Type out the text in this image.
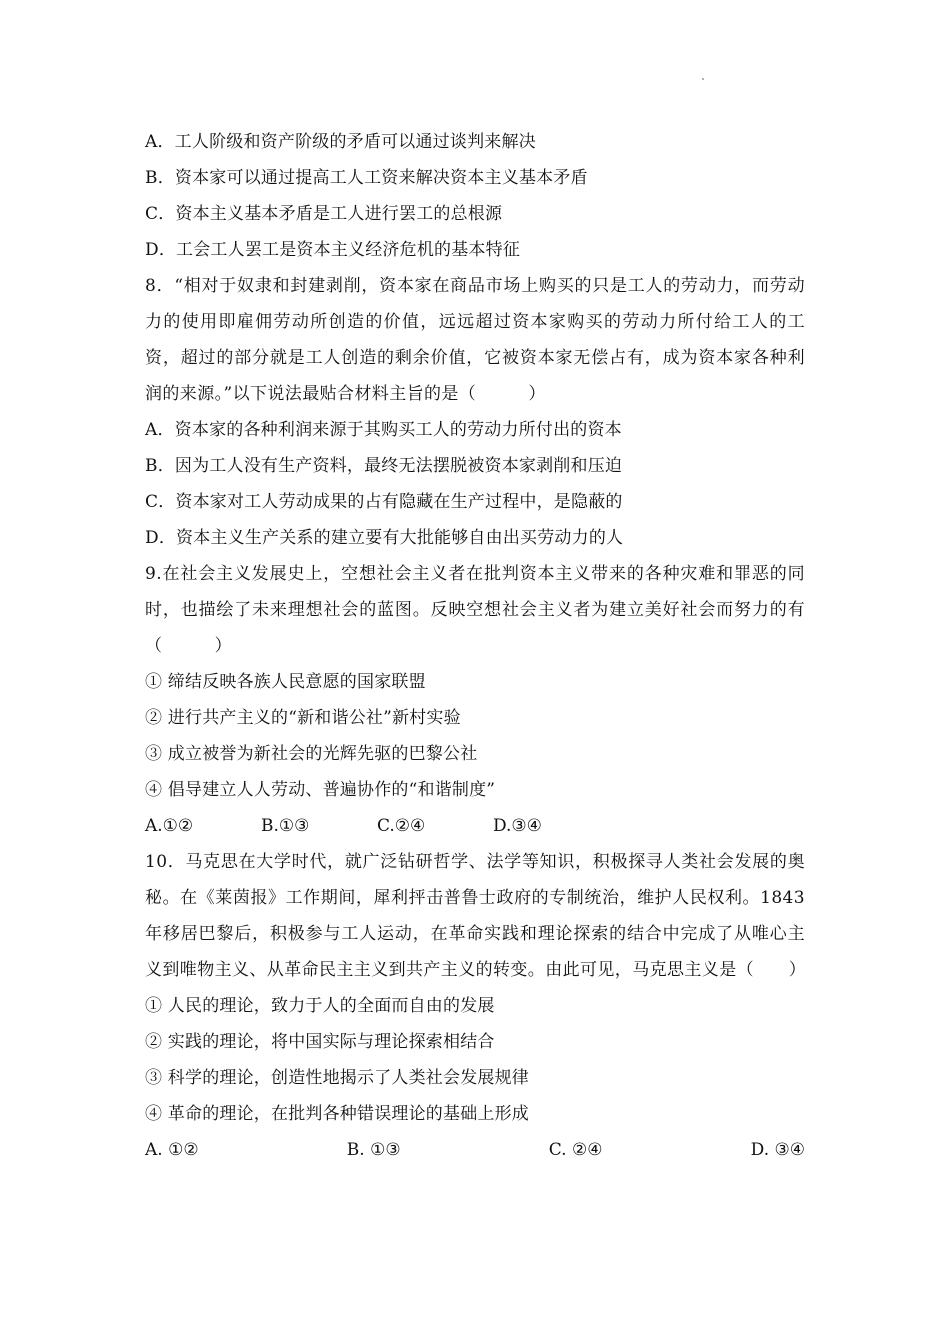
A．工人阶级和资产阶级的矛盾可以通过谈判来解决
B．资本家可以通过提高工人工资来解决资本主义基本矛盾
C．资本主义基本矛盾是工人进行罢工的总根源
D．工会工人罢工是资本主义经济危机的基本特征
8．“相对于奴隶和封建剥削，资本家在商品市场上购买的只是工人的劳动力，而劳动力的使用即雇佣劳动所创造的价值，远远超过资本家购买的劳动力所付给工人的工资，超过的部分就是工人创造的剩余价值，它被资本家无偿占有，成为资本家各种利润的来源。”以下说法最贴合材料主旨的是（　　　）
A．资本家的各种利润来源于其购买工人的劳动力所付出的资本
B．因为工人没有生产资料，最终无法摆脱被资本家剥削和压迫
C．资本家对工人劳动成果的占有隐藏在生产过程中，是隐蔽的
D．资本主义生产关系的建立要有大批能够自由出买劳动力的人
9.在社会主义发展史上，空想社会主义者在批判资本主义带来的各种灾难和罪恶的同时，也描绘了未来理想社会的蓝图。反映空想社会主义者为建立美好社会而努力的有（　　　）
① 缔结反映各族人民意愿的国家联盟
② 进行共产主义的“新和谐公社”新村实验
③ 成立被誉为新社会的光辉先驱的巴黎公社
④ 倡导建立人人劳动、普遍协作的“和谐制度”
A.①②	B.①③	C.②④	D.③④
10．马克思在大学时代，就广泛钻研哲学、法学等知识，积极探寻人类社会发展的奥秘。在《莱茵报》工作期间，犀利抨击普鲁士政府的专制统治，维护人民权利。1843年移居巴黎后，积极参与工人运动，在革命实践和理论探索的结合中完成了从唯心主义到唯物主义、从革命民主主义到共产主义的转变。由此可见，马克思主义是（　　）
① 人民的理论，致力于人的全面而自由的发展
② 实践的理论，将中国实际与理论探索相结合
③ 科学的理论，创造性地揭示了人类社会发展规律
④ 革命的理论，在批判各种错误理论的基础上形成
A. ①②	B. ①③	C. ②④	D. ③④
